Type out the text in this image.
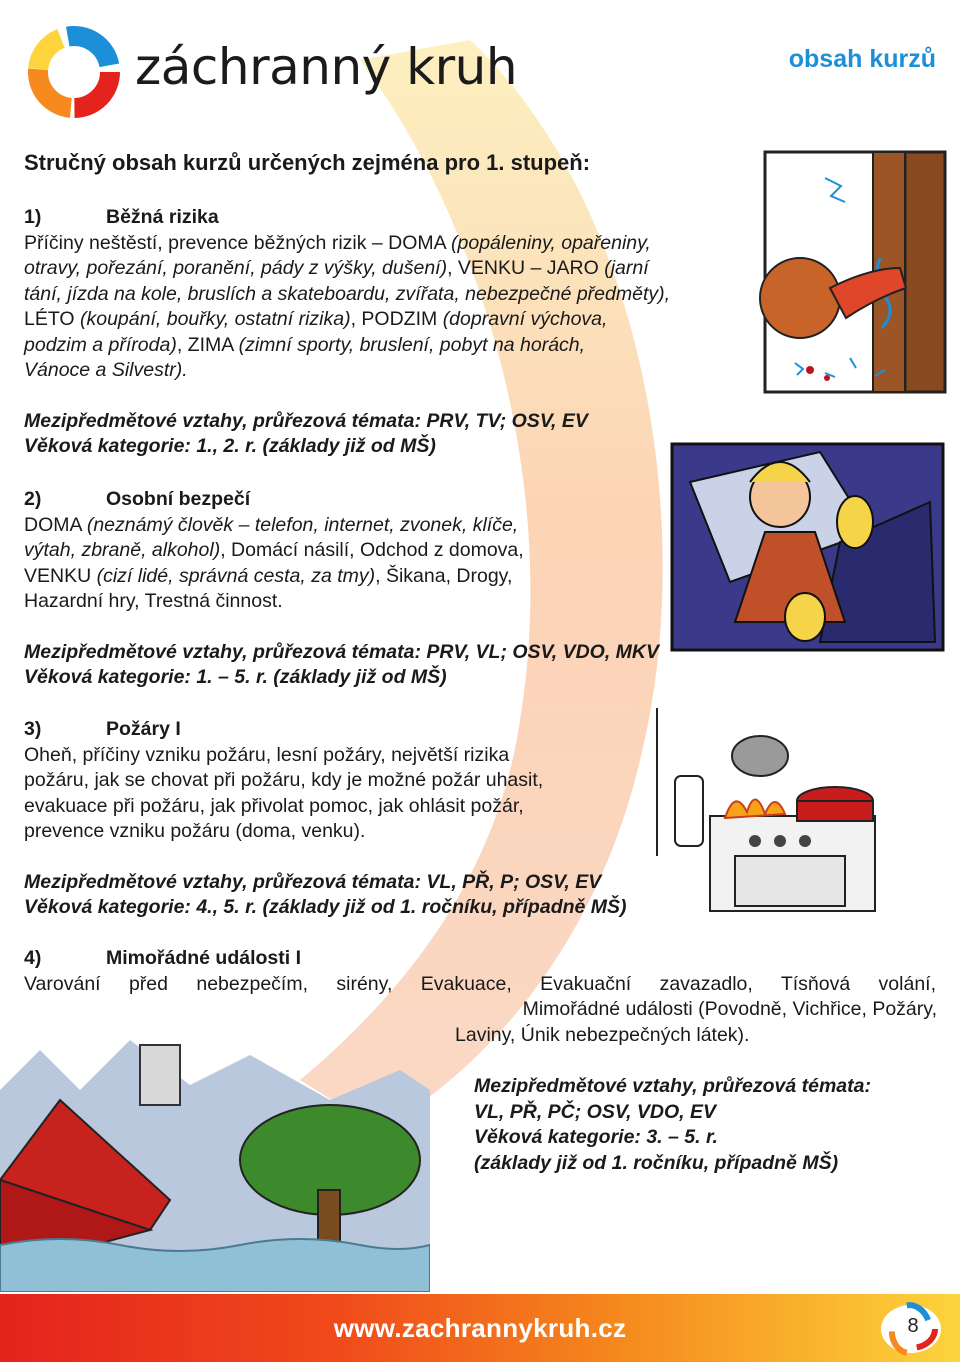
záchranný kruh	obsah kurzů
Stručný obsah kurzů určených zejména pro 1. stupeň:
1)	Běžná rizika
Příčiny neštěstí, prevence běžných rizik – DOMA (popáleniny, opařeniny,
otravy, pořezání, poranění, pády z výšky, dušení), VENKU – JARO (jarní
tání, jízda na kole, bruslích a skateboardu, zvířata, nebezpečné předměty),
LÉTO (koupání, bouřky, ostatní rizika), PODZIM (dopravní výchova,
podzim a příroda), ZIMA (zimní sporty, bruslení, pobyt na horách,
Vánoce a Silvestr).
Mezipředmětové vztahy, průřezová témata: PRV, TV; OSV, EV
Věková kategorie: 1., 2. r. (základy již od MŠ)
2)	Osobní bezpečí
DOMA (neznámý člověk – telefon, internet, zvonek, klíče,
výtah, zbraně, alkohol), Domácí násilí, Odchod z domova,
VENKU (cizí lidé, správná cesta, za tmy), Šikana, Drogy,
Hazardní hry, Trestná činnost.
Mezipředmětové vztahy, průřezová témata: PRV, VL; OSV, VDO, MKV
Věková kategorie: 1. – 5. r. (základy již od MŠ)
3)	Požáry I
Oheň, příčiny vzniku požáru, lesní požáry, největší rizika
požáru, jak se chovat při požáru, kdy je možné požár uhasit,
evakuace při požáru, jak přivolat pomoc, jak ohlásit požár,
prevence vzniku požáru (doma, venku).
Mezipředmětové vztahy, průřezová témata: VL, PŘ, P; OSV, EV
Věková kategorie: 4., 5. r. (základy již od 1. ročníku, případně MŠ)
4)	Mimořádné události I
Varování před nebezpečím, sirény, Evakuace, Evakuační zavazadlo, Tísňová volání,
Mimořádné události (Povodně, Vichřice, Požáry,
Laviny, Únik nebezpečných látek).
Mezipředmětové vztahy, průřezová témata:
VL, PŘ, PČ; OSV, VDO, EV
Věková kategorie: 3. – 5. r.
(základy již od 1. ročníku, případně MŠ)
www.zachrannykruh.cz	8
